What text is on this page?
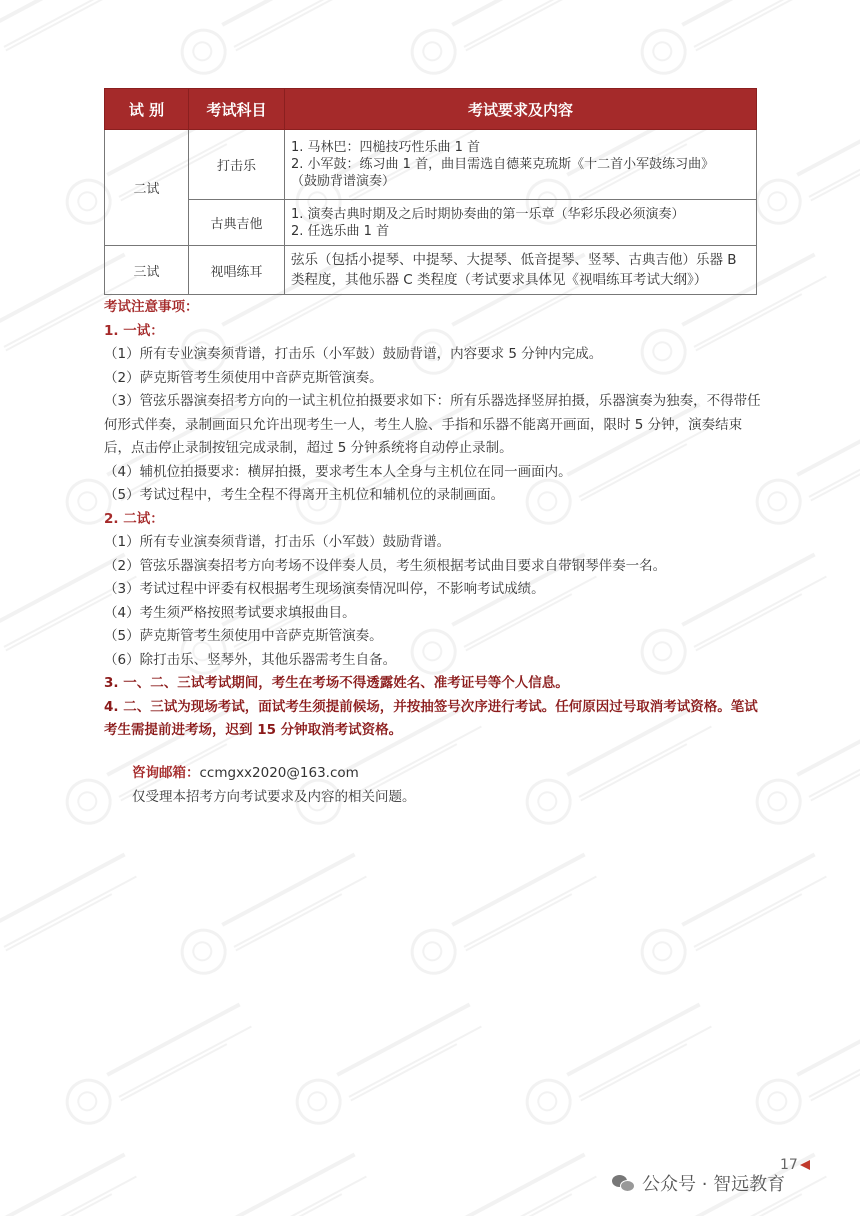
试 别	考试科目	考试要求及内容
二试	打击乐	1. 马林巴：四槌技巧性乐曲 1 首
2. 小军鼓：练习曲 1 首，曲目需选自德莱克琉斯《十二首小军鼓练习曲》
（鼓励背谱演奏）

	古典吉他	1. 演奏古典时期及之后时期协奏曲的第一乐章（华彩乐段必须演奏）
2. 任选乐曲 1 首

三试	视唱练耳	弦乐（包括小提琴、中提琴、大提琴、低音提琴、竖琴、古典吉他）乐器 B 类程度，其他乐器 C 类程度（考试要求具体见《视唱练耳考试大纲》）
考试注意事项：
1. 一试：
（1）所有专业演奏须背谱，打击乐（小军鼓）鼓励背谱，内容要求 5 分钟内完成。
（2）萨克斯管考生须使用中音萨克斯管演奏。
（3）管弦乐器演奏招考方向的一试主机位拍摄要求如下：所有乐器选择竖屏拍摄，乐器演奏为独奏，不得带任何形式伴奏，录制画面只允许出现考生一人，考生人脸、手指和乐器不能离开画面，限时 5 分钟，演奏结束后，点击停止录制按钮完成录制，超过 5 分钟系统将自动停止录制。
（4）辅机位拍摄要求：横屏拍摄，要求考生本人全身与主机位在同一画面内。
（5）考试过程中，考生全程不得离开主机位和辅机位的录制画面。
2. 二试：
（1）所有专业演奏须背谱，打击乐（小军鼓）鼓励背谱。
（2）管弦乐器演奏招考方向考场不设伴奏人员，考生须根据考试曲目要求自带钢琴伴奏一名。
（3）考试过程中评委有权根据考生现场演奏情况叫停，不影响考试成绩。
（4）考生须严格按照考试要求填报曲目。
（5）萨克斯管考生须使用中音萨克斯管演奏。
（6）除打击乐、竖琴外，其他乐器需考生自备。
3. 一、二、三试考试期间，考生在考场不得透露姓名、准考证号等个人信息。
4. 二、三试为现场考试，面试考生须提前候场，并按抽签号次序进行考试。任何原因过号取消考试资格。笔试考生需提前进考场，迟到 15 分钟取消考试资格。
咨询邮箱：ccmgxx2020@163.com
仅受理本招考方向考试要求及内容的相关问题。
17
公众号 · 智远教育
